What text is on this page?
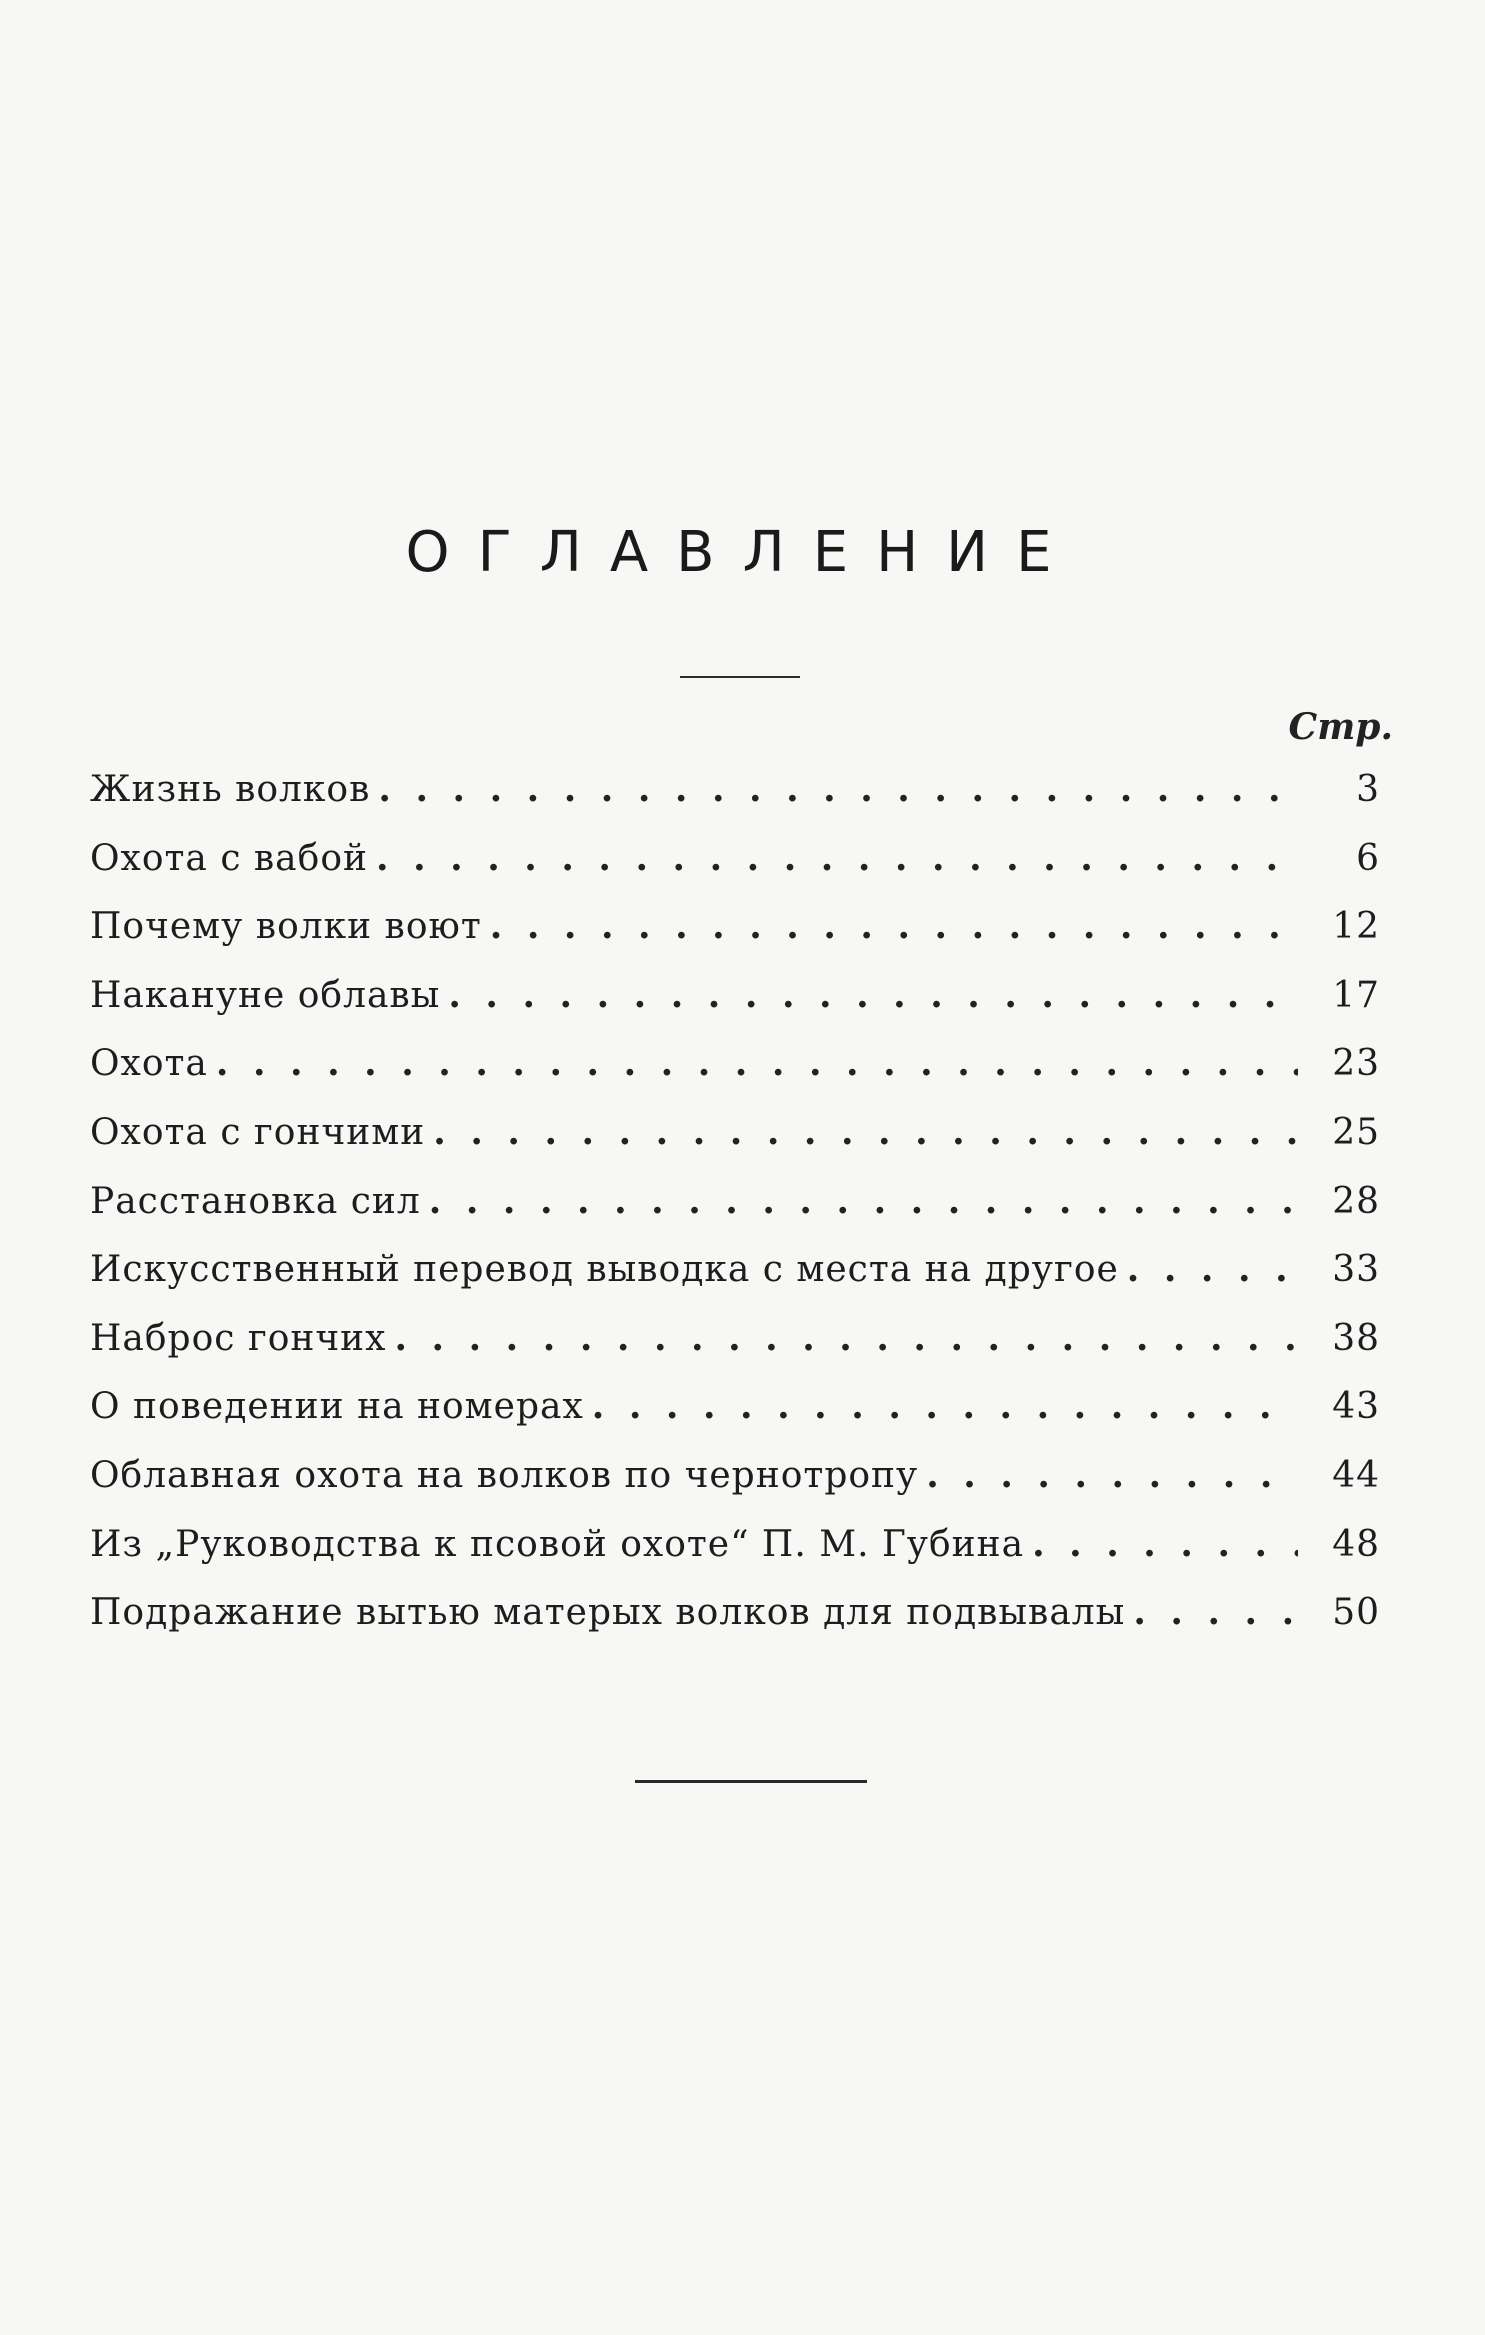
ОГЛАВЛЕНИЕ
Стр.
Жизнь волков . . .	3
Охота с вабой . . .	6
Почему волки воют . . .	12
Накануне облавы . . .	17
Охота . . .	23
Охота с гончими . . .	25
Расстановка сил . . .	28
Искусственный перевод выводка с места на другое . . .	33
Наброс гончих . . .	38
О поведении на номерах . . .	43
Облавная охота на волков по чернотропу . . .	44
Из „Руководства к псовой охоте“ П. М. Губина . . .	48
Подражание вытью матерых волков для подвывалы . . .	50
